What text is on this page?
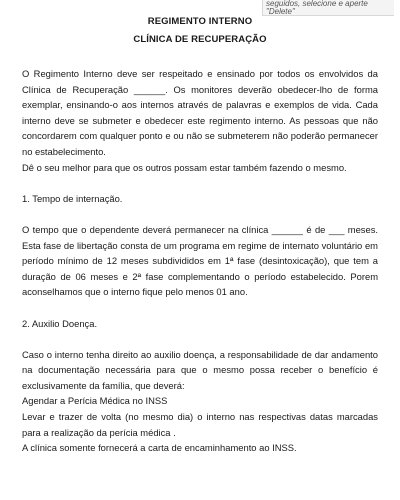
seguidos, selecione e aperte
"Delete"
REGIMENTO INTERNO
CLÍNICA DE RECUPERAÇÃO

O Regimento Interno deve ser respeitado e ensinado por todos os envolvidos da Clínica de Recuperação ______. Os monitores deverão obedecer-lho de forma exemplar, ensinando-o aos internos através de palavras e exemplos de vida. Cada interno deve se submeter e obedecer este regimento interno. As pessoas que não concordarem com qualquer ponto e ou não se submeterem não poderão permanecer no estabelecimento.

Dê o seu melhor para que os outros possam estar também fazendo o mesmo.

1. Tempo de internação.

O tempo que o dependente deverá permanecer na clínica ______ é de ___ meses. Esta fase de libertação consta de um programa em regime de internato voluntário em período mínimo de 12 meses subdivididos em 1ª fase (desintoxicação), que tem a duração de 06 meses e 2ª fase complementando o período estabelecido. Porem aconselhamos que o interno fique pelo menos 01 ano.

2. Auxilio Doença.

Caso o interno tenha direito ao auxilio doença, a responsabilidade de dar andamento na documentação necessária para que o mesmo possa receber o benefício é exclusivamente da família, que deverá:

Agendar a Perícia Médica no INSS

Levar e trazer de volta (no mesmo dia) o interno nas respectivas datas marcadas para a realização da perícia médica .

A clínica somente fornecerá a carta de encaminhamento ao INSS.
